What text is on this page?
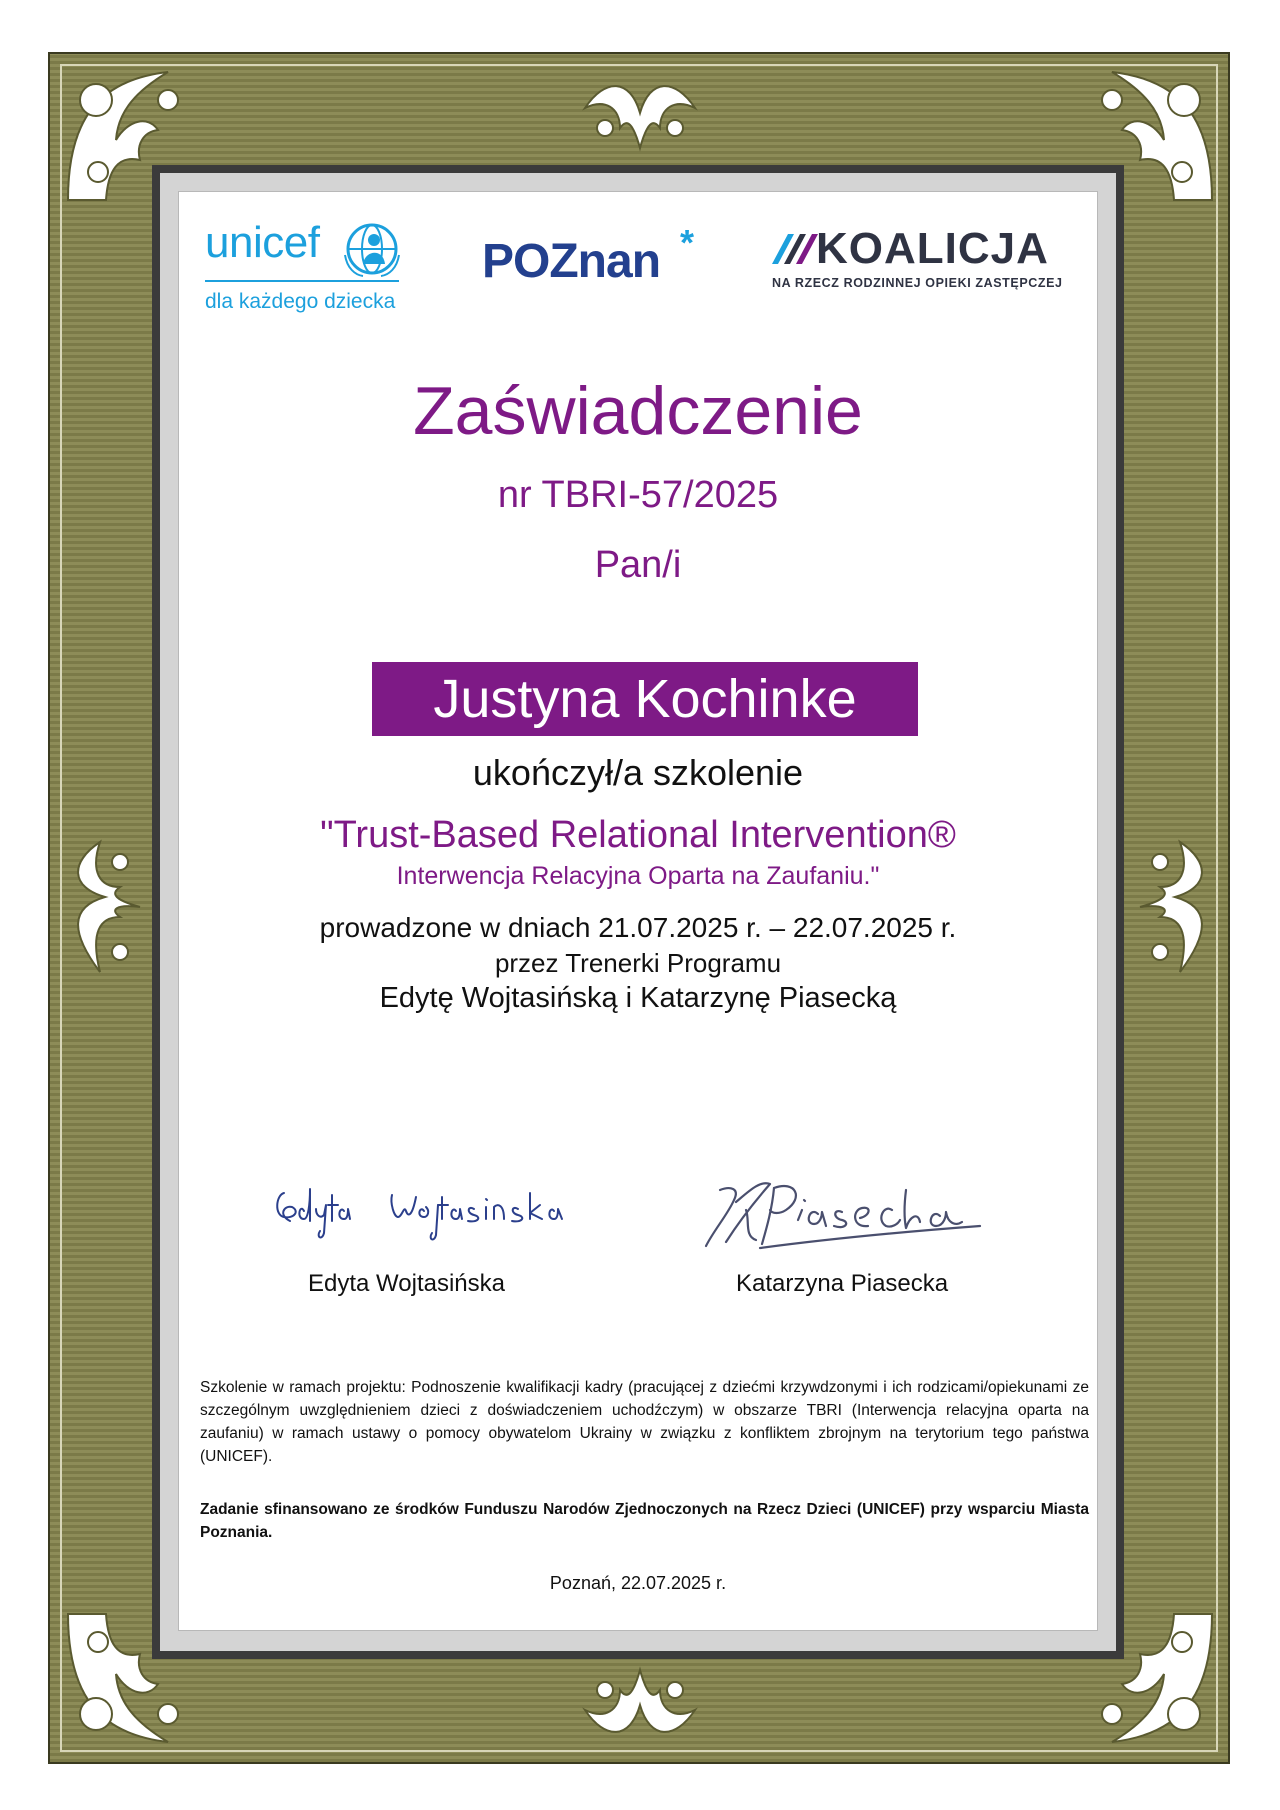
unicef
dla każdego dziecka
POZnan *	KOALICJA
NA RZECZ RODZINNEJ OPIEKI ZASTĘPCZEJ
Zaświadczenie
nr TBRI-57/2025
Pan/i
Justyna Kochinke
ukończył/a szkolenie
"Trust-Based Relational Intervention®
Interwencja Relacyjna Oparta na Zaufaniu."
prowadzone w dniach 21.07.2025 r. – 22.07.2025 r.
przez Trenerki Programu
Edytę Wojtasińską i Katarzynę Piasecką
Edyta Wojtasińska	Katarzyna Piasecka
Szkolenie w ramach projektu: Podnoszenie kwalifikacji kadry (pracującej z dziećmi krzywdzonymi i ich rodzicami/opiekunami ze szczególnym uwzględnieniem dzieci z doświadczeniem uchodźczym) w obszarze TBRI (Interwencja relacyjna oparta na zaufaniu) w ramach ustawy o pomocy obywatelom Ukrainy w związku z konfliktem zbrojnym na terytorium tego państwa (UNICEF).
Zadanie sfinansowano ze środków Funduszu Narodów Zjednoczonych na Rzecz Dzieci (UNICEF) przy wsparciu Miasta Poznania.
Poznań, 22.07.2025 r.
